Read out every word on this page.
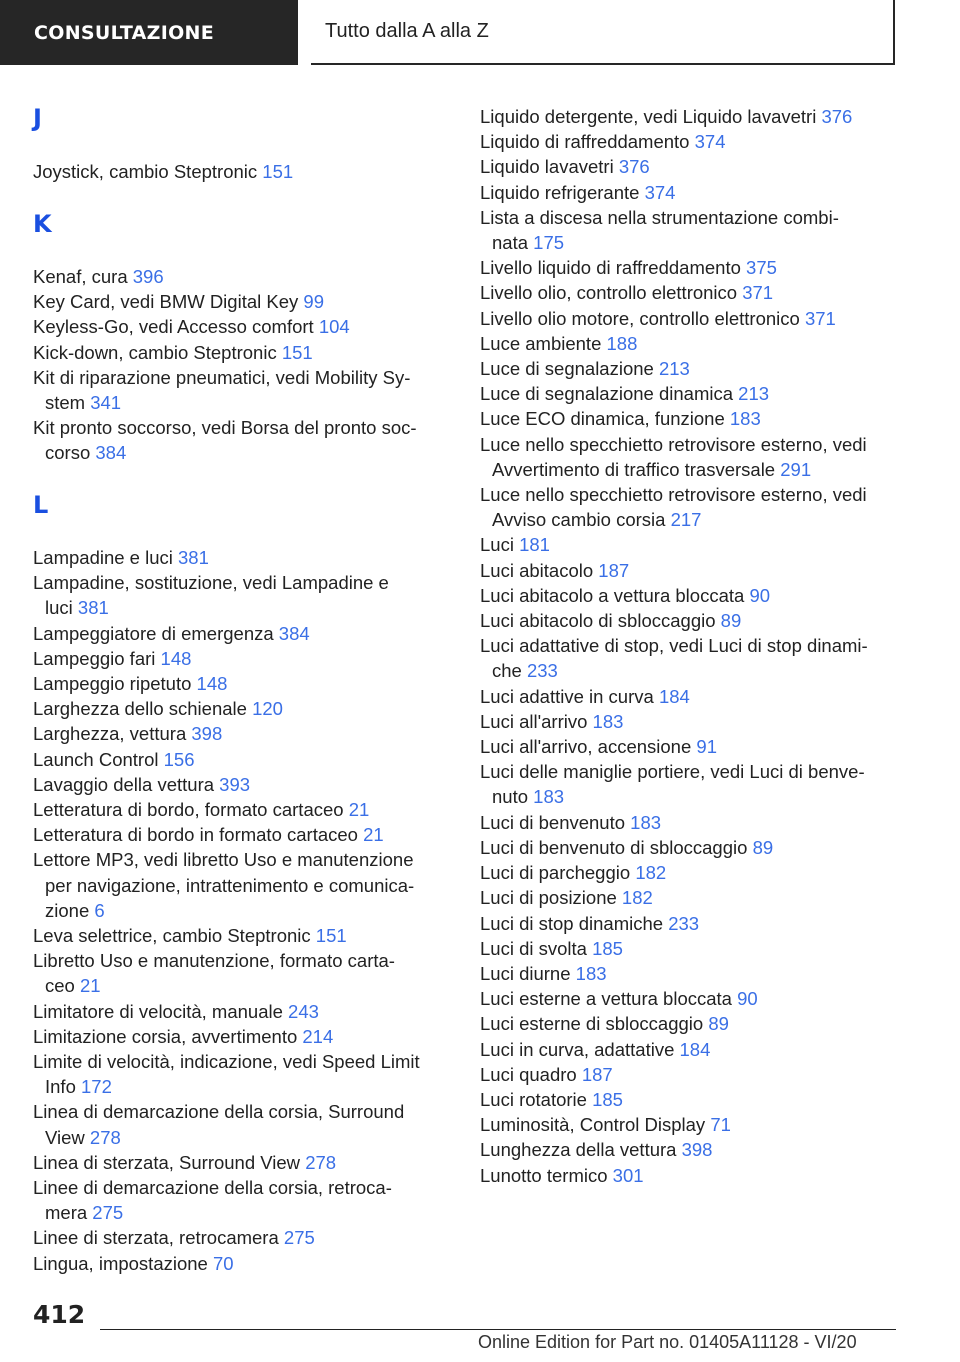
CONSULTAZIONE	Tutto dalla A alla Z
J
Joystick, cambio Steptronic 151
K
Kenaf, cura 396
Key Card, vedi BMW Digital Key 99
Keyless-Go, vedi Accesso comfort 104
Kick-down, cambio Steptronic 151
Kit di riparazione pneumatici, vedi Mobility Sy-
stem 341
Kit pronto soccorso, vedi Borsa del pronto soc-
corso 384
L
Lampadine e luci 381
Lampadine, sostituzione, vedi Lampadine e
luci 381
Lampeggiatore di emergenza 384
Lampeggio fari 148
Lampeggio ripetuto 148
Larghezza dello schienale 120
Larghezza, vettura 398
Launch Control 156
Lavaggio della vettura 393
Letteratura di bordo, formato cartaceo 21
Letteratura di bordo in formato cartaceo 21
Lettore MP3, vedi libretto Uso e manutenzione
per navigazione, intrattenimento e comunica-
zione 6
Leva selettrice, cambio Steptronic 151
Libretto Uso e manutenzione, formato carta-
ceo 21
Limitatore di velocità, manuale 243
Limitazione corsia, avvertimento 214
Limite di velocità, indicazione, vedi Speed Limit
Info 172
Linea di demarcazione della corsia, Surround
View 278
Linea di sterzata, Surround View 278
Linee di demarcazione della corsia, retroca-
mera 275
Linee di sterzata, retrocamera 275
Lingua, impostazione 70
Liquido detergente, vedi Liquido lavavetri 376
Liquido di raffreddamento 374
Liquido lavavetri 376
Liquido refrigerante 374
Lista a discesa nella strumentazione combi-
nata 175
Livello liquido di raffreddamento 375
Livello olio, controllo elettronico 371
Livello olio motore, controllo elettronico 371
Luce ambiente 188
Luce di segnalazione 213
Luce di segnalazione dinamica 213
Luce ECO dinamica, funzione 183
Luce nello specchietto retrovisore esterno, vedi
Avvertimento di traffico trasversale 291
Luce nello specchietto retrovisore esterno, vedi
Avviso cambio corsia 217
Luci 181
Luci abitacolo 187
Luci abitacolo a vettura bloccata 90
Luci abitacolo di sbloccaggio 89
Luci adattative di stop, vedi Luci di stop dinami-
che 233
Luci adattive in curva 184
Luci all'arrivo 183
Luci all'arrivo, accensione 91
Luci delle maniglie portiere, vedi Luci di benve-
nuto 183
Luci di benvenuto 183
Luci di benvenuto di sbloccaggio 89
Luci di parcheggio 182
Luci di posizione 182
Luci di stop dinamiche 233
Luci di svolta 185
Luci diurne 183
Luci esterne a vettura bloccata 90
Luci esterne di sbloccaggio 89
Luci in curva, adattative 184
Luci quadro 187
Luci rotatorie 185
Luminosità, Control Display 71
Lunghezza della vettura 398
Lunotto termico 301
412
Online Edition for Part no. 01405A11128 - VI/20
